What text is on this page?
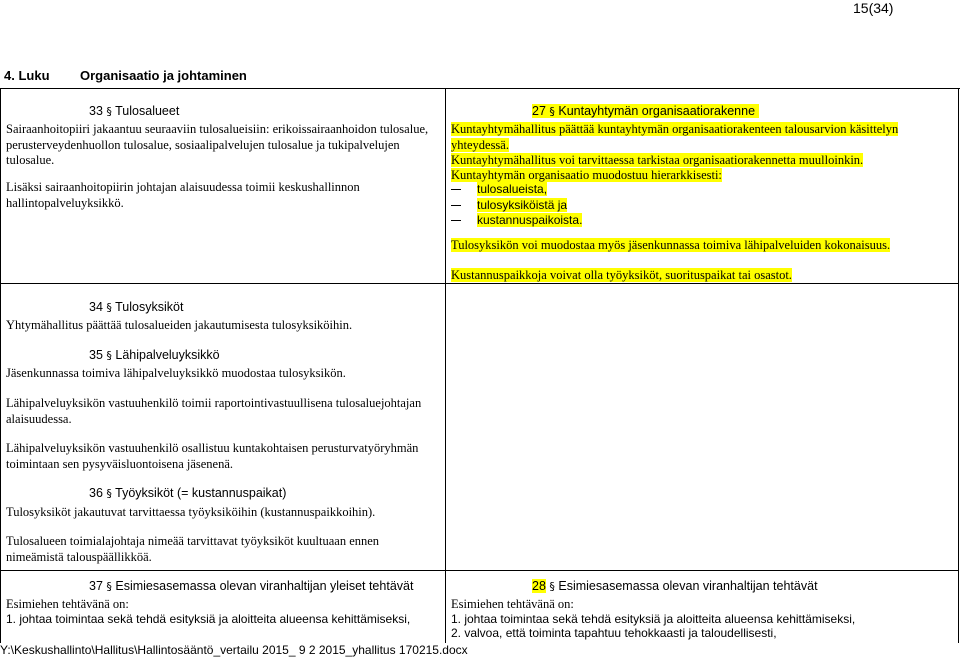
15(34)
4. Luku Organisaatio ja johtaminen
33 § Tulosalueet

Sairaanhoitopiiri jakaantuu seuraaviin tulosalueisiin: erikoissairaanhoidon tulosalue,
perusterveydenhuollon tulosalue, sosiaalipalvelujen tulosalue ja tukipalvelujen
tulosalue.

Lisäksi sairaanhoitopiirin johtajan alaisuudessa toimii keskushallinnon
hallintopalveluyksikkö.

34 § Tulosyksiköt

Yhtymähallitus päättää tulosalueiden jakautumisesta tulosyksiköihin.

35 § Lähipalveluyksikkö

Jäsenkunnassa toimiva lähipalveluyksikkö muodostaa tulosyksikön.

Lähipalveluyksikön vastuuhenkilö toimii raportointivastuullisena tulosaluejohtajan
alaisuudessa.

Lähipalveluyksikön vastuuhenkilö osallistuu kuntakohtaisen perusturvatyöryhmän
toimintaan sen pysyväisluontoisena jäsenenä.

36 § Työyksiköt (= kustannuspaikat)

Tulosyksiköt jakautuvat tarvittaessa työyksiköihin (kustannuspaikkoihin).

Tulosalueen toimialajohtaja nimeää tarvittavat työyksiköt kuultuaan ennen
nimeämistä talouspäällikköä.

37 § Esimiesasemassa olevan viranhaltijan yleiset tehtävät

Esimiehen tehtävänä on:

1. johtaa toimintaa sekä tehdä esityksiä ja aloitteita alueensa kehittämiseksi,

27 § Kuntayhtymän organisaatiorakenne

Kuntayhtymähallitus päättää kuntayhtymän organisaatiorakenteen talousarvion käsittelyn
yhteydessä.

Kuntayhtymähallitus voi tarvittaessa tarkistaa organisaatiorakennetta muulloinkin.

Kuntayhtymän organisaatio muodostuu hierarkkisesti:

tulosalueista,
tulosyksiköistä ja
kustannuspaikoista.

Tulosyksikön voi muodostaa myös jäsenkunnassa toimiva lähipalveluiden kokonaisuus.

Kustannuspaikkoja voivat olla työyksiköt, suorituspaikat tai osastot.

28 § Esimiesasemassa olevan viranhaltijan tehtävät

Esimiehen tehtävänä on:

1. johtaa toimintaa sekä tehdä esityksiä ja aloitteita alueensa kehittämiseksi,

2. valvoa, että toiminta tapahtuu tehokkaasti ja taloudellisesti,

Y:\Keskushallinto\Hallitus\Hallintosääntö_vertailu 2015_ 9 2 2015_yhallitus 170215.docx
